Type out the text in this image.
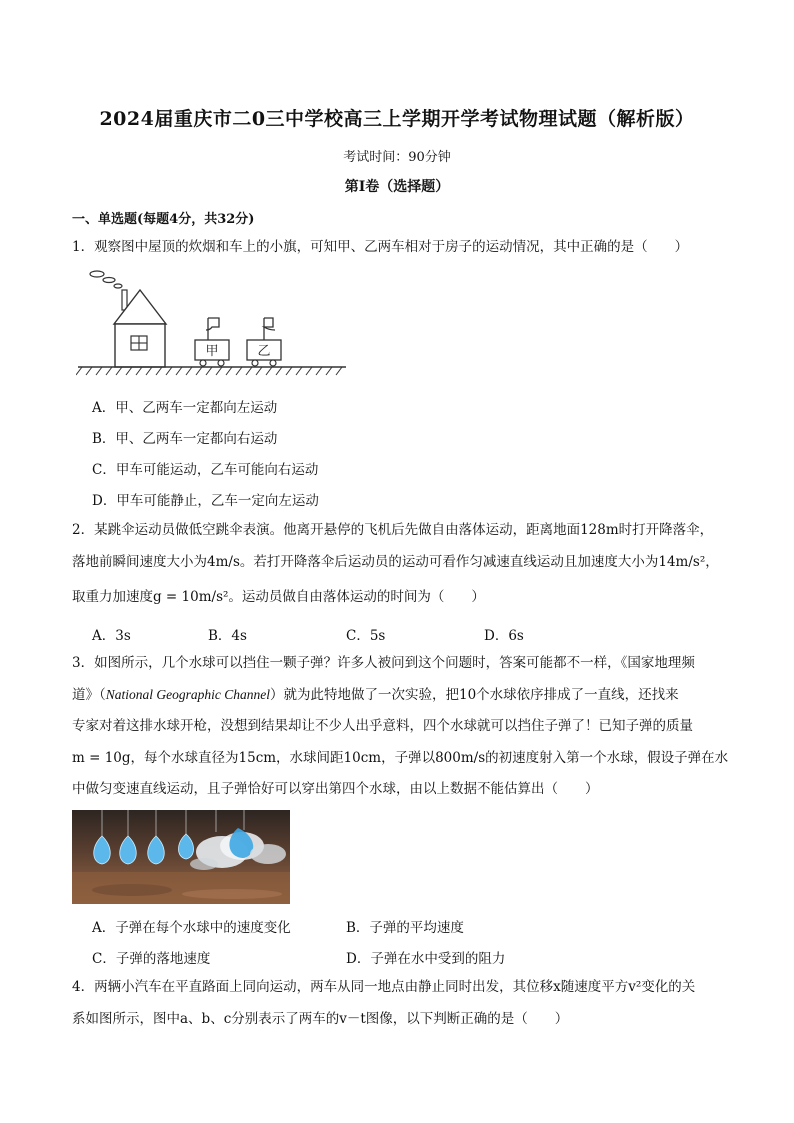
2024届重庆市二0三中学校高三上学期开学考试物理试题（解析版）
考试时间：90分钟
第Ⅰ卷（选择题）
一、单选题(每题4分，共32分)
1．观察图中屋顶的炊烟和车上的小旗，可知甲、乙两车相对于房子的运动情况，其中正确的是（　　）
甲	乙
A．甲、乙两车一定都向左运动
B．甲、乙两车一定都向右运动
C．甲车可能运动，乙车可能向右运动
D．甲车可能静止，乙车一定向左运动
2．某跳伞运动员做低空跳伞表演。他离开悬停的飞机后先做自由落体运动，距离地面128m时打开降落伞，
落地前瞬间速度大小为4m/s。若打开降落伞后运动员的运动可看作匀减速直线运动且加速度大小为14m/s²，
取重力加速度g = 10m/s²。运动员做自由落体运动的时间为（　　）
A．3s	B．4s	C．5s	D．6s
3．如图所示，几个水球可以挡住一颗子弹？许多人被问到这个问题时，答案可能都不一样，《国家地理频
道》（National Geographic Channel）就为此特地做了一次实验，把10个水球依序排成了一直线，还找来
专家对着这排水球开枪，没想到结果却让不少人出乎意料，四个水球就可以挡住子弹了！已知子弹的质量
m = 10g，每个水球直径为15cm，水球间距10cm，子弹以800m/s的初速度射入第一个水球，假设子弹在水
中做匀变速直线运动，且子弹恰好可以穿出第四个水球，由以上数据不能估算出（　　）
A．子弹在每个水球中的速度变化	B．子弹的平均速度
C．子弹的落地速度	D．子弹在水中受到的阻力
4．两辆小汽车在平直路面上同向运动，两车从同一地点由静止同时出发，其位移x随速度平方v²变化的关
系如图所示，图中a、b、c分别表示了两车的v－t图像，以下判断正确的是（　　）
